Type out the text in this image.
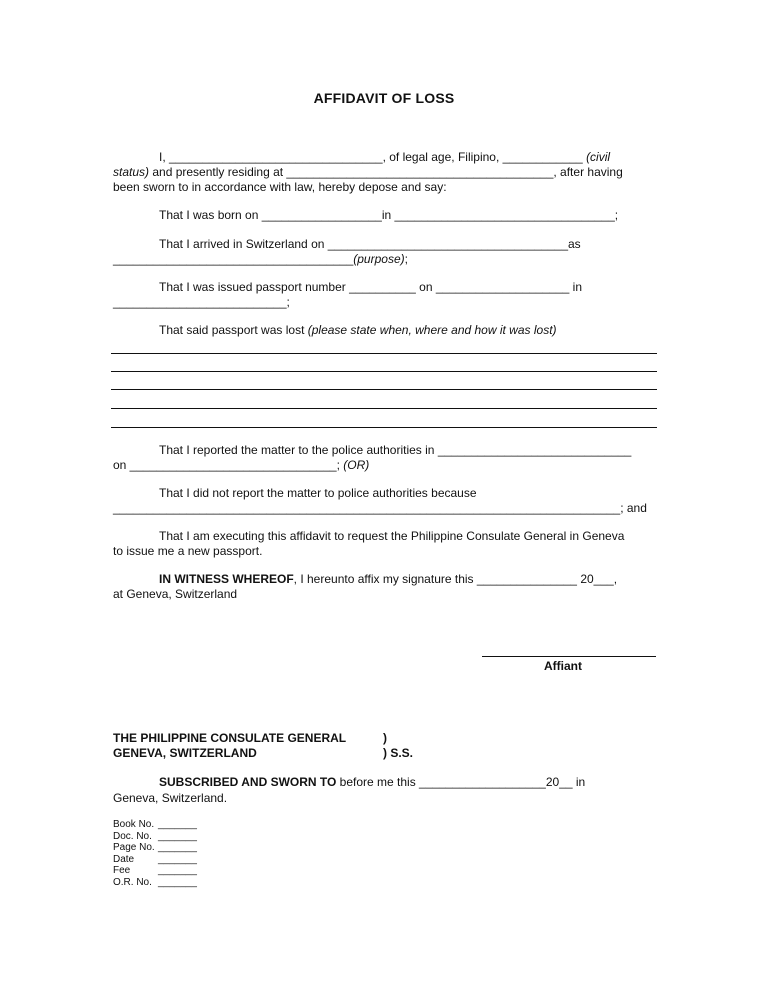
AFFIDAVIT OF LOSS
I, ________________________________, of legal age, Filipino, ____________ (civil
status) and presently residing at ________________________________________, after having
been sworn to in accordance with law, hereby depose and say:
That I was born on __________________in _________________________________;
That I arrived in Switzerland on ____________________________________as
____________________________________(purpose);
That I was issued passport number __________ on ____________________ in
__________________________;
That said passport was lost (please state when, where and how it was lost)
That I reported the matter to the police authorities in _____________________________
on _______________________________; (OR)
That I did not report the matter to police authorities because
____________________________________________________________________________; and
That I am executing this affidavit to request the Philippine Consulate General in Geneva
to issue me a new passport.
IN WITNESS WHEREOF, I hereunto affix my signature this _______________ 20___,
at Geneva, Switzerland
Affiant
THE PHILIPPINE CONSULATE GENERAL
GENEVA, SWITZERLAND
)
) S.S.
SUBSCRIBED AND SWORN TO before me this ___________________20__ in
Geneva, Switzerland.
Book No. _______
Doc. No. _______
Page No. _______
Date _______
Fee	_______
O.R. No. _______
